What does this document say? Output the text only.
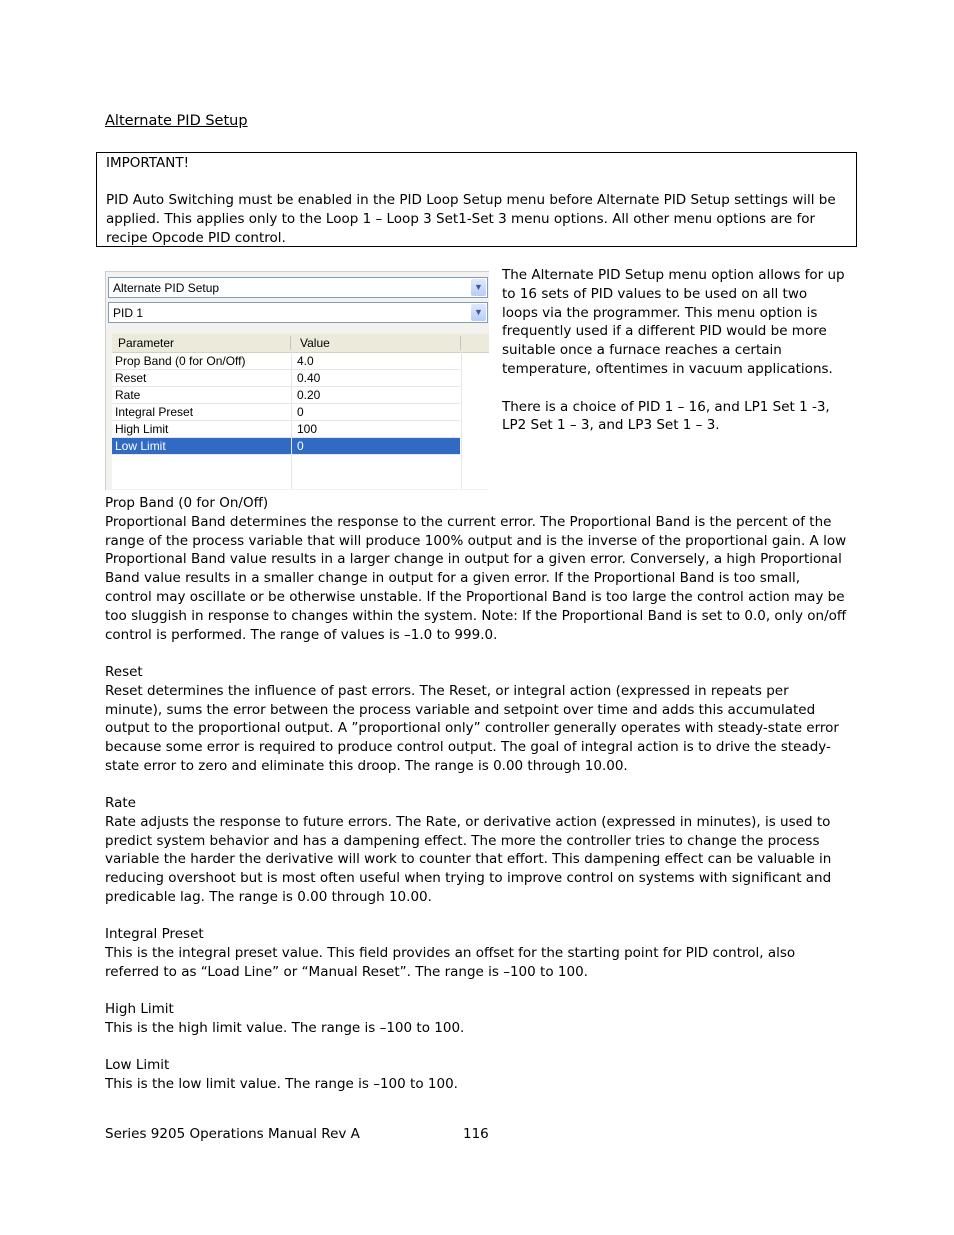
Alternate PID Setup
IMPORTANT!
PID Auto Switching must be enabled in the PID Loop Setup menu before Alternate PID Setup settings will be applied. This applies only to the Loop 1 – Loop 3 Set1-Set 3 menu options. All other menu options are for recipe Opcode PID control.
Alternate PID Setup	▼
PID 1	▼
Parameter	Value
Prop Band (0 for On/Off)	4.0
Reset	0.40
Rate	0.20
Integral Preset	0
High Limit	100
Low Limit	0

The Alternate PID Setup menu option allows for up to 16 sets of PID values to be used on all two loops via the programmer. This menu option is frequently used if a different PID would be more suitable once a furnace reaches a certain temperature, oftentimes in vacuum applications.

There is a choice of PID 1 – 16, and LP1 Set 1 -3, LP2 Set 1 – 3, and LP3 Set 1 – 3.

Prop Band (0 for On/Off)

Proportional Band determines the response to the current error. The Proportional Band is the percent of the range of the process variable that will produce 100% output and is the inverse of the proportional gain. A low Proportional Band value results in a larger change in output for a given error. Conversely, a high Proportional Band value results in a smaller change in output for a given error. If the Proportional Band is too small, control may oscillate or be otherwise unstable. If the Proportional Band is too large the control action may be too sluggish in response to changes within the system. Note: If the Proportional Band is set to 0.0, only on/off control is performed. The range of values is –1.0 to 999.0.

Reset

Reset determines the influence of past errors. The Reset, or integral action (expressed in repeats per minute), sums the error between the process variable and setpoint over time and adds this accumulated output to the proportional output. A ”proportional only” controller generally operates with steady-state error because some error is required to produce control output. The goal of integral action is to drive the steady-state error to zero and eliminate this droop. The range is 0.00 through 10.00.

Rate

Rate adjusts the response to future errors. The Rate, or derivative action (expressed in minutes), is used to predict system behavior and has a dampening effect. The more the controller tries to change the process variable the harder the derivative will work to counter that effort. This dampening effect can be valuable in reducing overshoot but is most often useful when trying to improve control on systems with significant and predicable lag. The range is 0.00 through 10.00.

Integral Preset

This is the integral preset value. This field provides an offset for the starting point for PID control, also referred to as “Load Line” or “Manual Reset”. The range is –100 to 100.

High Limit

This is the high limit value. The range is –100 to 100.

Low Limit

This is the low limit value. The range is –100 to 100.

Series 9205 Operations Manual Rev A	116
